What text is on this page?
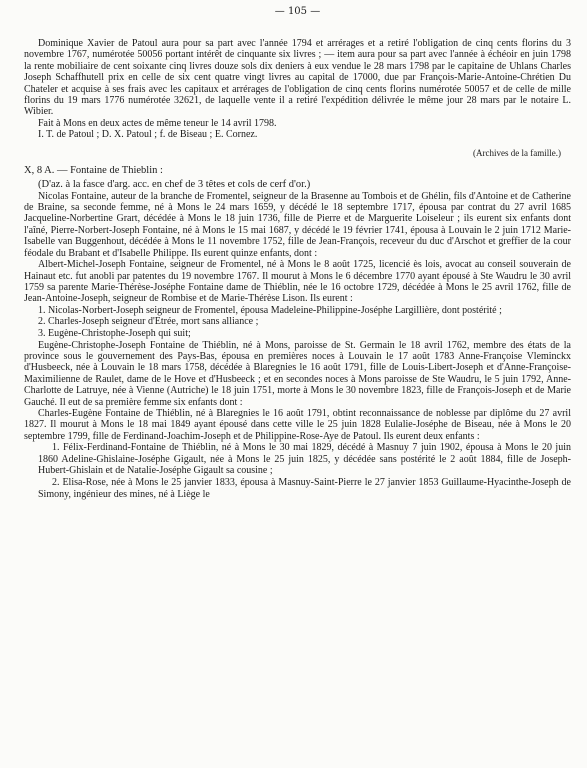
— 105 —

Dominique Xavier de Patoul aura pour sa part avec l'année 1794 et arrérages et a retiré l'obligation de cinq cents florins du 3 novembre 1767, numérotée 50056 portant intérêt de cinquante six livres ; — item aura pour sa part avec l'année à échéoir en juin 1798 la rente mobiliaire de cent soixante cinq livres douze sols dix deniers à eux vendue le 28 mars 1798 par le capitaine de Uhlans Charles Joseph Schaffhutell prix en celle de six cent quatre vingt livres au capital de 17000, due par François-Marie-Antoine-Chrétien Du Chateler et acquise à ses frais avec les capitaux et arrérages de l'obligation de cinq cents florins numérotée 50057 et de celle de mille florins du 19 mars 1776 numérotée 32621, de laquelle vente il a retiré l'expédition délivrée le même jour 28 mars par le notaire L. Wibier.

Fait à Mons en deux actes de même teneur le 14 avril 1798.

I. T. de Patoul ; D. X. Patoul ; f. de Biseau ; E. Cornez.

(Archives de la famille.)
X, 8 A. — Fontaine de Thieblin :
(D'az. à la fasce d'arg. acc. en chef de 3 têtes et cols de cerf d'or.)

Nicolas Fontaine, auteur de la branche de Fromentel, seigneur de la Brasenne au Tombois et de Ghélin, fils d'Antoine et de Catherine de Braine, sa seconde femme, né à Mons le 24 mars 1659, y décédé le 18 septembre 1717, épousa par contrat du 27 avril 1685 Jacqueline-Norbertine Grart, décédée à Mons le 18 juin 1736, fille de Pierre et de Marguerite Loiseleur ; ils eurent six enfants dont l'aîné, Pierre-Norbert-Joseph Fontaine, né à Mons le 15 mai 1687, y décédé le 19 février 1741, épousa à Louvain le 2 juin 1712 Marie-Isabelle van Buggenhout, décédée à Mons le 11 novembre 1752, fille de Jean-François, receveur du duc d'Arschot et greffier de la cour féodale du Brabant et d'Isabelle Philippe. Ils eurent quinze enfants, dont :

Albert-Michel-Joseph Fontaine, seigneur de Fromentel, né à Mons le 8 août 1725, licencié ès lois, avocat au conseil souverain de Hainaut etc. fut anobli par patentes du 19 novembre 1767. Il mourut à Mons le 6 décembre 1770 ayant épousé à Ste Waudru le 30 avril 1759 sa parente Marie-Thérèse-Joséphe Fontaine dame de Thiéblin, née le 16 octobre 1729, décédée à Mons le 25 avril 1762, fille de Jean-Antoine-Joseph, seigneur de Rombise et de Marie-Thérèse Lison. Ils eurent :

1. Nicolas-Norbert-Joseph seigneur de Fromentel, épousa Madeleine-Philippine-Joséphe Largillière, dont postérité ;
2. Charles-Joseph seigneur d'Etrée, mort sans alliance ;
3. Eugène-Christophe-Joseph qui suit;

Eugène-Christophe-Joseph Fontaine de Thiéblin, né à Mons, paroisse de St. Germain le 18 avril 1762, membre des états de la province sous le gouvernement des Pays-Bas, épousa en premières noces à Louvain le 17 août 1783 Anne-Françoise Vleminckx d'Husbeeck, née à Louvain le 18 mars 1758, décédée à Blaregnies le 16 août 1791, fille de Louis-Libert-Joseph et d'Anne-Françoise-Maximilienne de Raulet, dame de le Hove et d'Husbeeck ; et en secondes noces à Mons paroisse de Ste Waudru, le 5 juin 1792, Anne-Charlotte de Latruye, née à Vienne (Autriche) le 18 juin 1751, morte à Mons le 30 novembre 1823, fille de François-Joseph et de Marie Gauché. Il eut de sa première femme six enfants dont :

Charles-Eugène Fontaine de Thiéblin, né à Blaregnies le 16 août 1791, obtint reconnaissance de noblesse par diplôme du 27 avril 1827. Il mourut à Mons le 18 mai 1849 ayant épousé dans cette ville le 25 juin 1828 Eulalie-Joséphe de Biseau, née à Mons le 20 septembre 1799, fille de Ferdinand-Joachim-Joseph et de Philippine-Rose-Aye de Patoul. Ils eurent deux enfants :

1. Félix-Ferdinand-Fontaine de Thiéblin, né à Mons le 30 mai 1829, décédé à Masnuy 7 juin 1902, épousa à Mons le 20 juin 1860 Adeline-Ghislaine-Joséphe Gigault, née à Mons le 25 juin 1825, y décédée sans postérité le 2 août 1884, fille de Joseph-Hubert-Ghislain et de Natalie-Joséphe Gigault sa cousine ;
2. Elisa-Rose, née à Mons le 25 janvier 1833, épousa à Masnuy-Saint-Pierre le 27 janvier 1853 Guillaume-Hyacinthe-Joseph de Simony, ingénieur des mines, né à Liège le
